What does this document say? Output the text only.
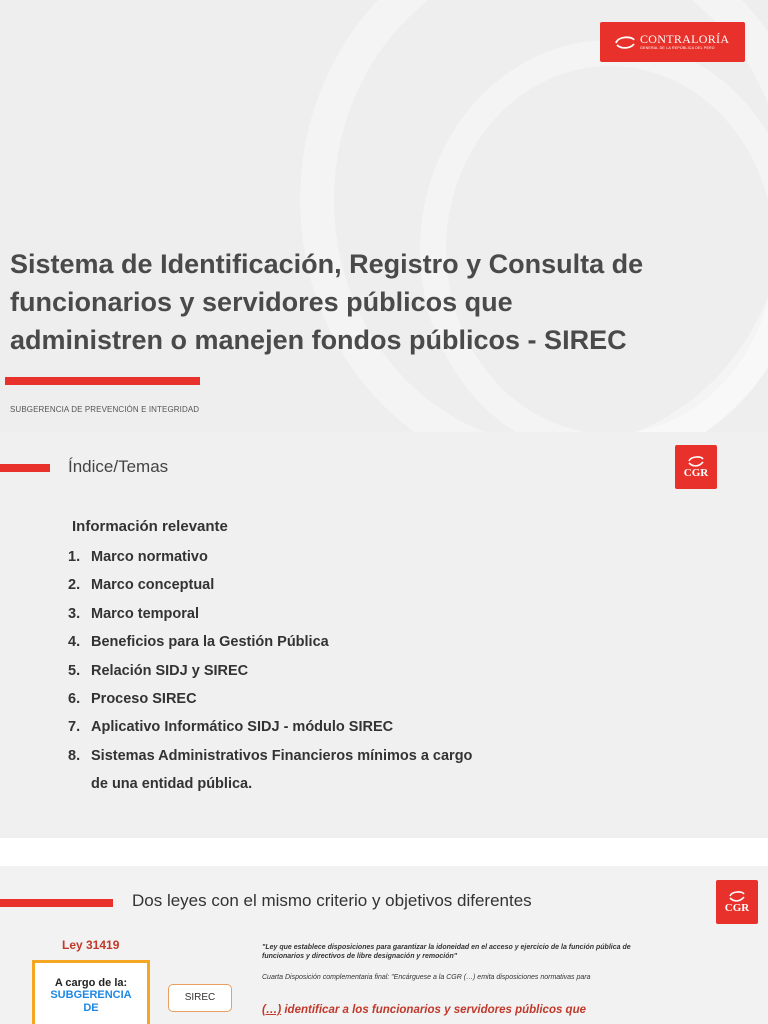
CONTRALORÍA
GENERAL DE LA REPÚBLICA DEL PERÚ
Sistema de Identificación, Registro y Consulta de
funcionarios y servidores públicos que
administren o manejen fondos públicos - SIREC
SUBGERENCIA DE PREVENCIÓN E INTEGRIDAD
Índice/Temas	CGR
Información relevante
1. Marco normativo
2. Marco conceptual
3. Marco temporal
4. Beneficios para la Gestión Pública
5. Relación SIDJ y SIREC
6. Proceso SIREC
7. Aplicativo Informático SIDJ - módulo SIREC
8. Sistemas Administrativos Financieros mínimos a cargo
de una entidad pública.
Dos leyes con el mismo criterio y objetivos diferentes	CGR
Ley 31419
A cargo de la:
SUBGERENCIA
DE
SIREC

"Ley que establece disposiciones para garantizar la idoneidad en el acceso y ejercicio de la función pública de funcionarios y directivos de libre designación y remoción"

Cuarta Disposición complementaria final: "Encárguese a la CGR (…) emita disposiciones normativas para

(…) identificar a los funcionarios y servidores públicos que
